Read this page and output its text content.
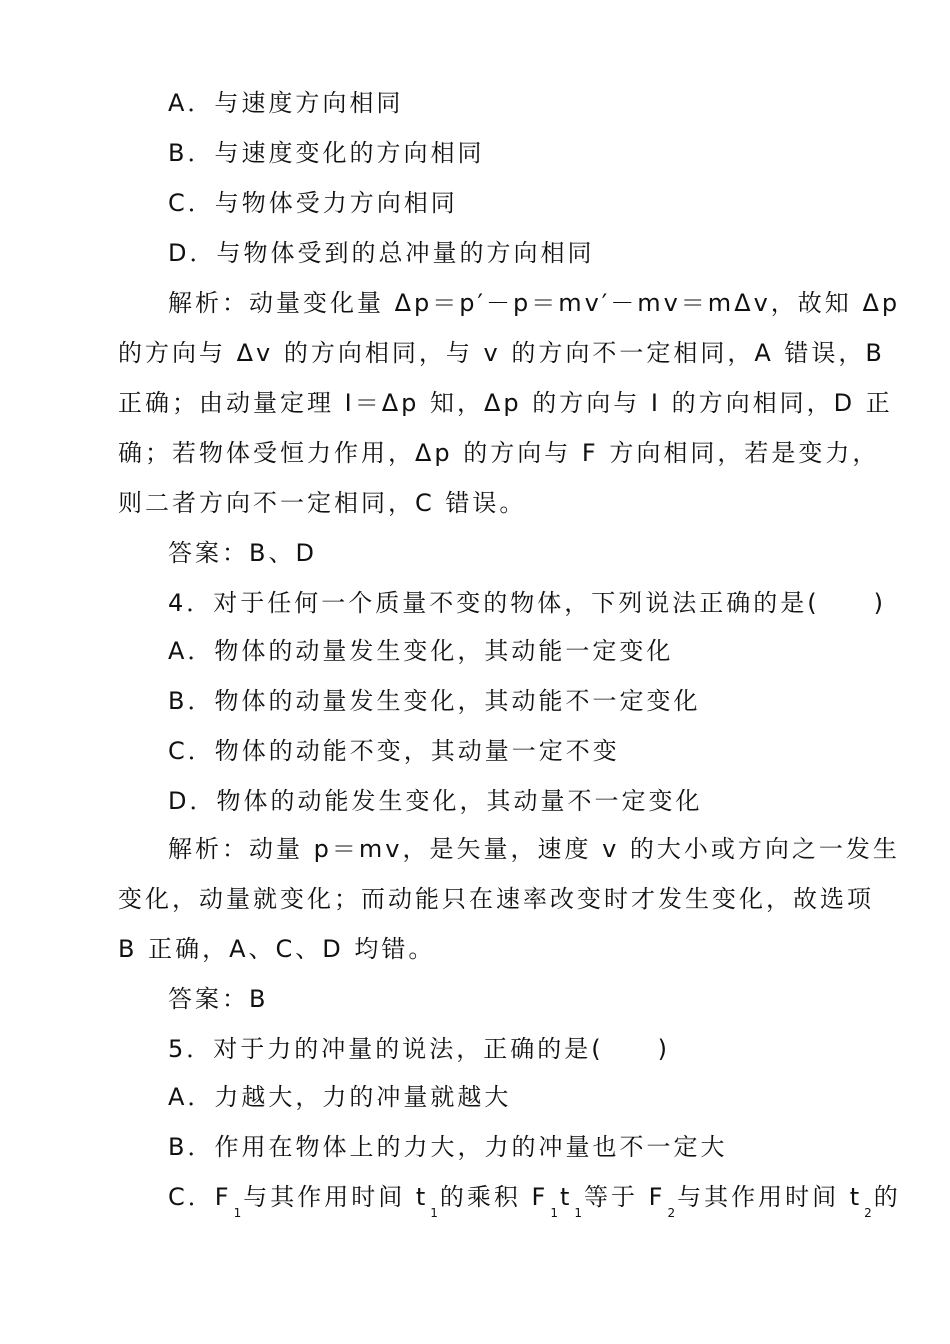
A．与速度方向相同
B．与速度变化的方向相同
C．与物体受力方向相同
D．与物体受到的总冲量的方向相同
解析：动量变化量 Δp＝p′－p＝mv′－mv＝mΔv，故知 Δp
的方向与 Δv 的方向相同，与 v 的方向不一定相同，A 错误，B
正确；由动量定理 I＝Δp 知，Δp 的方向与 I 的方向相同，D 正
确；若物体受恒力作用，Δp 的方向与 F 方向相同，若是变力，
则二者方向不一定相同，C 错误。
答案：B、D
4．对于任何一个质量不变的物体，下列说法正确的是(　　)
A．物体的动量发生变化，其动能一定变化
B．物体的动量发生变化，其动能不一定变化
C．物体的动能不变，其动量一定不变
D．物体的动能发生变化，其动量不一定变化
解析：动量 p＝mv，是矢量，速度 v 的大小或方向之一发生
变化，动量就变化；而动能只在速率改变时才发生变化，故选项
B 正确，A、C、D 均错。
答案：B
5．对于力的冲量的说法，正确的是(　　)
A．力越大，力的冲量就越大
B．作用在物体上的力大，力的冲量也不一定大
C．$F_1$与其作用时间 $t_1$的乘积 $F_1t_1$等于 $F_2$与其作用时间 $t_2$的
